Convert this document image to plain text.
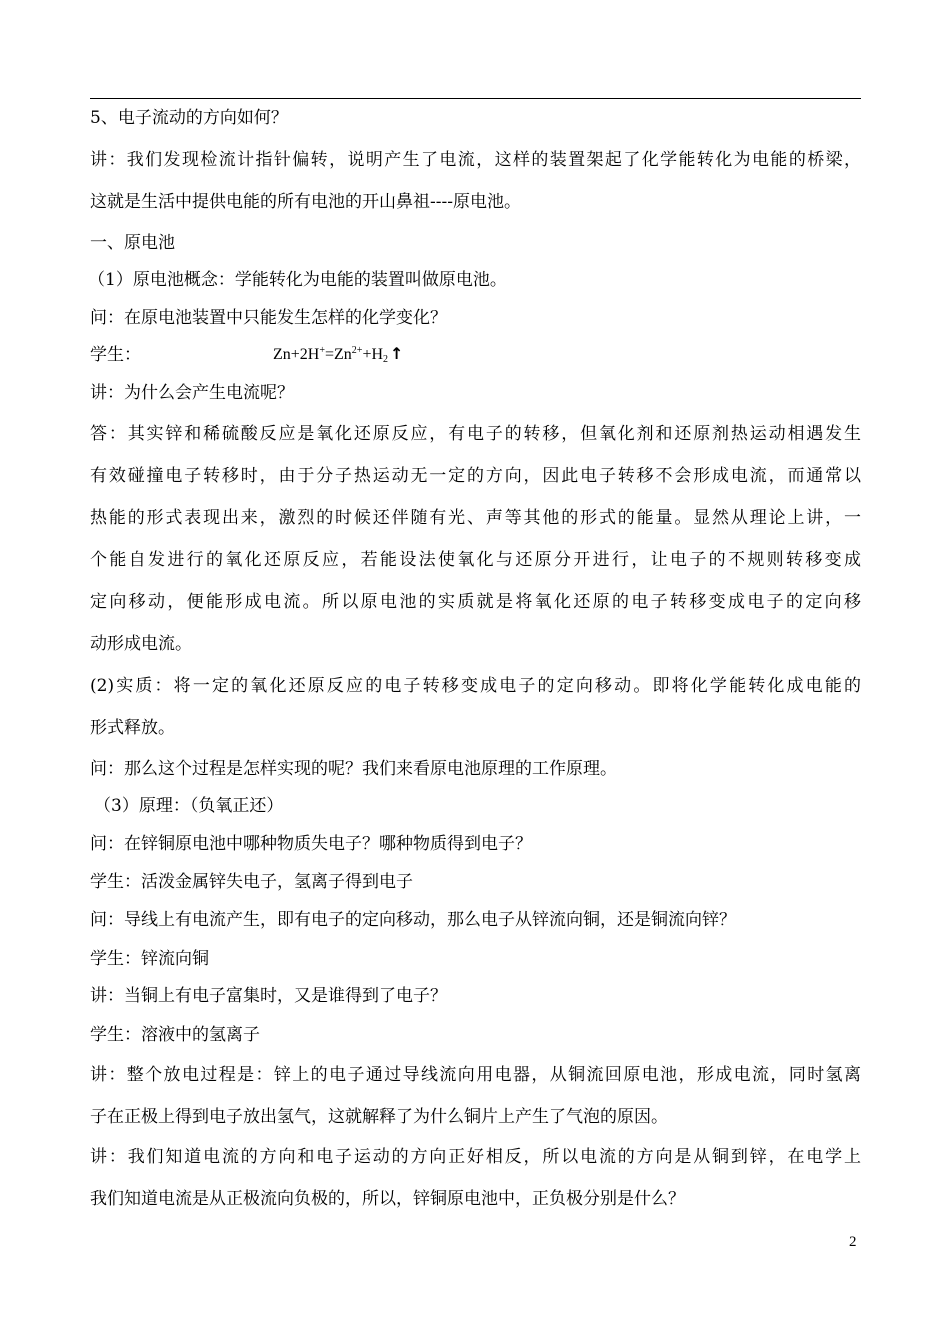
5、电子流动的方向如何？
讲：我们发现检流计指针偏转，说明产生了电流，这样的装置架起了化学能转化为电能的桥梁，
这就是生活中提供电能的所有电池的开山鼻祖----原电池。
一、原电池
（1）原电池概念：学能转化为电能的装置叫做原电池。
问：在原电池装置中只能发生怎样的化学变化？
学生：	$Zn+2H^+=Zn^{2+}+H_2$ ↑
讲：为什么会产生电流呢？
答：其实锌和稀硫酸反应是氧化还原反应，有电子的转移，但氧化剂和还原剂热运动相遇发生
有效碰撞电子转移时，由于分子热运动无一定的方向，因此电子转移不会形成电流，而通常以
热能的形式表现出来，激烈的时候还伴随有光、声等其他的形式的能量。显然从理论上讲，一
个能自发进行的氧化还原反应，若能设法使氧化与还原分开进行，让电子的不规则转移变成
定向移动，便能形成电流。所以原电池的实质就是将氧化还原的电子转移变成电子的定向移
动形成电流。
(2)实质：将一定的氧化还原反应的电子转移变成电子的定向移动。即将化学能转化成电能的
形式释放。
问：那么这个过程是怎样实现的呢？我们来看原电池原理的工作原理。
（3）原理：（负氧正还）
问：在锌铜原电池中哪种物质失电子？哪种物质得到电子？
学生：活泼金属锌失电子，氢离子得到电子
问：导线上有电流产生，即有电子的定向移动，那么电子从锌流向铜，还是铜流向锌？
学生：锌流向铜
讲：当铜上有电子富集时，又是谁得到了电子？
学生：溶液中的氢离子
讲：整个放电过程是：锌上的电子通过导线流向用电器，从铜流回原电池，形成电流，同时氢离
子在正极上得到电子放出氢气，这就解释了为什么铜片上产生了气泡的原因。
讲：我们知道电流的方向和电子运动的方向正好相反，所以电流的方向是从铜到锌，在电学上
我们知道电流是从正极流向负极的，所以，锌铜原电池中，正负极分别是什么？
2
